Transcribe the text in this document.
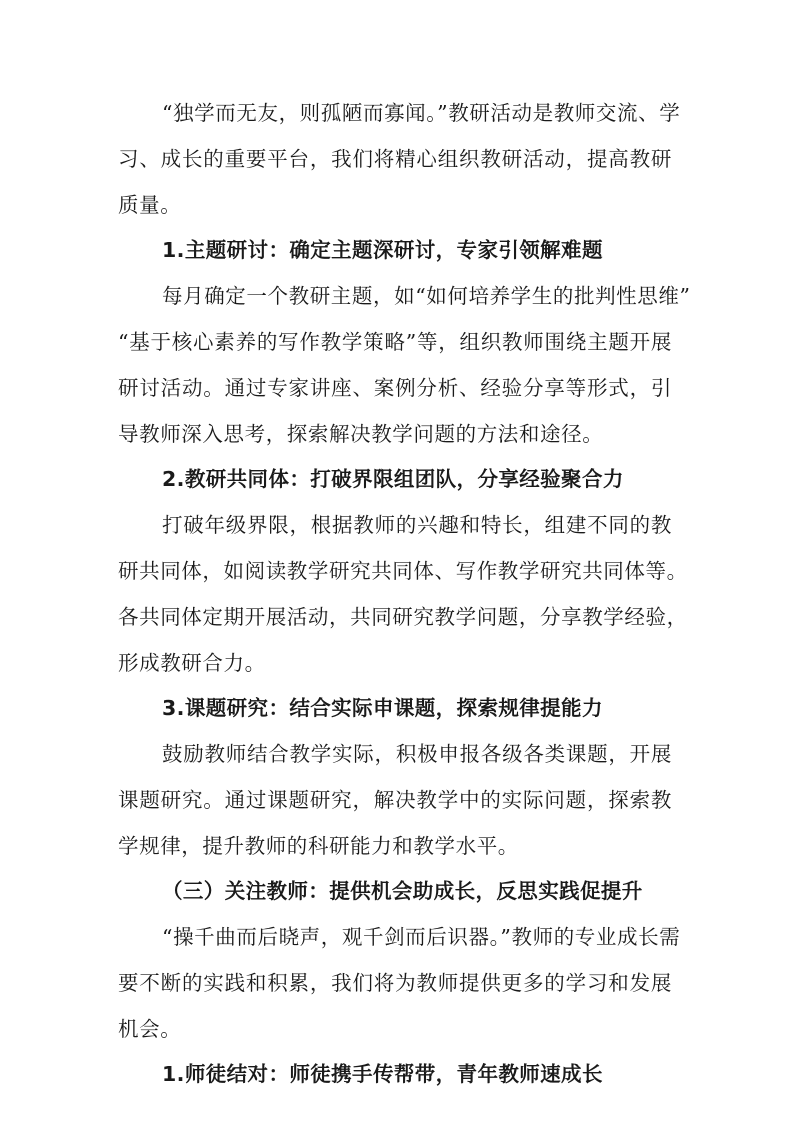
“独学而无友，则孤陋而寡闻。”教研活动是教师交流、学

习、成长的重要平台，我们将精心组织教研活动，提高教研

质量。

1.主题研讨：确定主题深研讨，专家引领解难题

每月确定一个教研主题，如“如何培养学生的批判性思维”

“基于核心素养的写作教学策略”等，组织教师围绕主题开展

研讨活动。通过专家讲座、案例分析、经验分享等形式，引

导教师深入思考，探索解决教学问题的方法和途径。

2.教研共同体：打破界限组团队，分享经验聚合力

打破年级界限，根据教师的兴趣和特长，组建不同的教

研共同体，如阅读教学研究共同体、写作教学研究共同体等。

各共同体定期开展活动，共同研究教学问题，分享教学经验，

形成教研合力。

3.课题研究：结合实际申课题，探索规律提能力

鼓励教师结合教学实际，积极申报各级各类课题，开展

课题研究。通过课题研究，解决教学中的实际问题，探索教

学规律，提升教师的科研能力和教学水平。

（三）关注教师：提供机会助成长，反思实践促提升

“操千曲而后晓声，观千剑而后识器。”教师的专业成长需

要不断的实践和积累，我们将为教师提供更多的学习和发展

机会。

1.师徒结对：师徒携手传帮带，青年教师速成长
